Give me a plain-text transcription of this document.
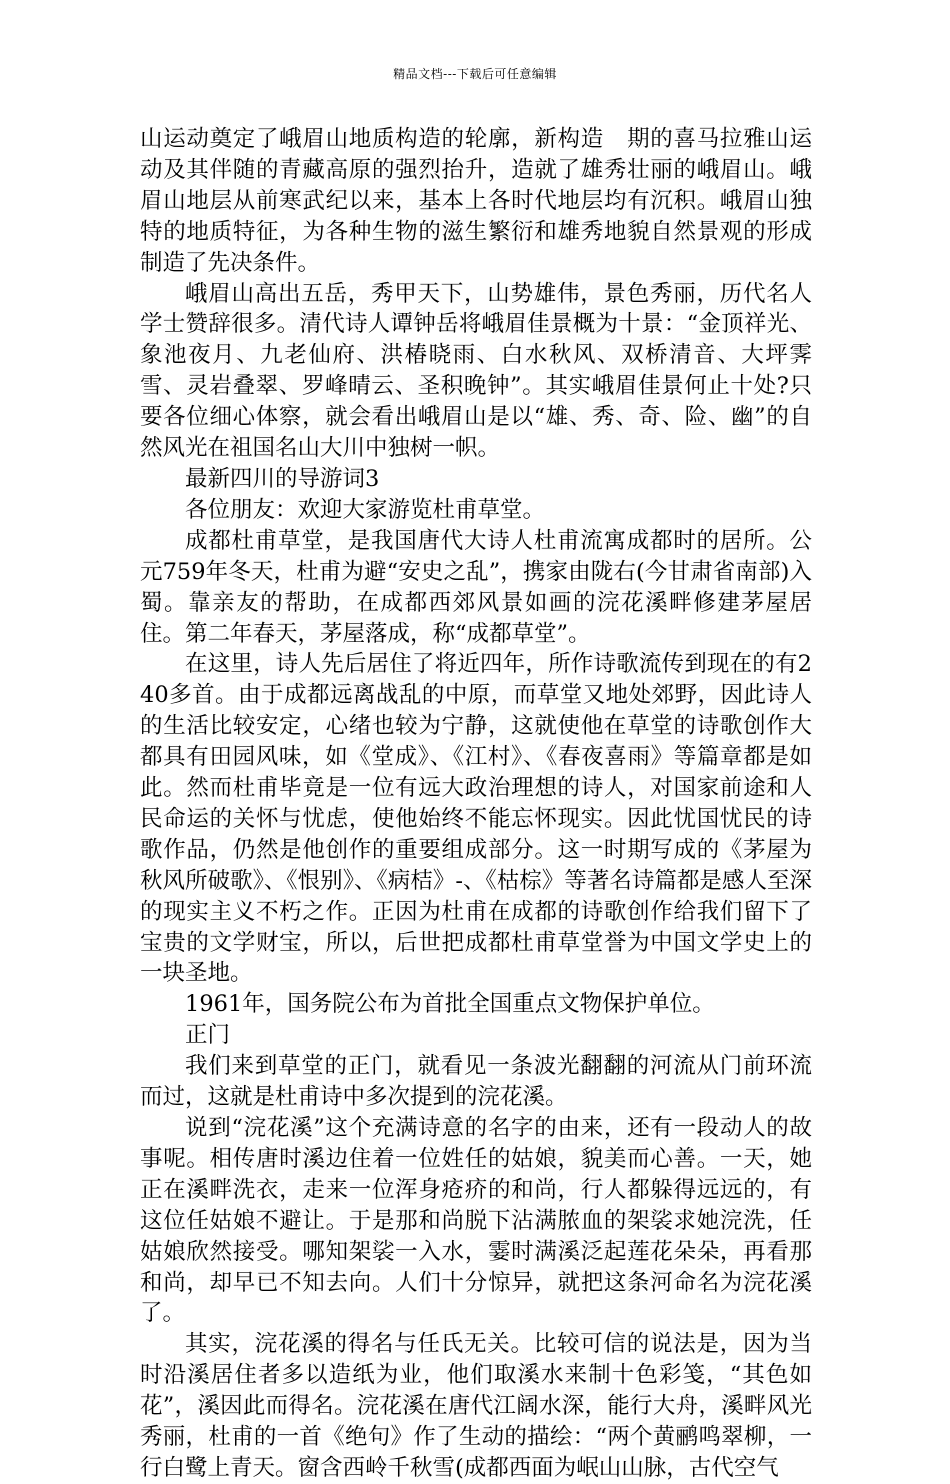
精品文档---下载后可任意编辑

山运动奠定了峨眉山地质构造的轮廓，新构造　期的喜马拉雅山运动及其伴随的青藏高原的强烈抬升，造就了雄秀壮丽的峨眉山。峨眉山地层从前寒武纪以来，基本上各时代地层均有沉积。峨眉山独特的地质特征，为各种生物的滋生繁衍和雄秀地貌自然景观的形成制造了先决条件。

峨眉山高出五岳，秀甲天下，山势雄伟，景色秀丽，历代名人学士赞辞很多。清代诗人谭钟岳将峨眉佳景概为十景：“金顶祥光、象池夜月、九老仙府、洪椿晓雨、白水秋风、双桥清音、大坪霁雪、灵岩叠翠、罗峰晴云、圣积晚钟”。其实峨眉佳景何止十处?只要各位细心体察，就会看出峨眉山是以“雄、秀、奇、险、幽”的自然风光在祖国名山大川中独树一帜。

最新四川的导游词3

各位朋友：欢迎大家游览杜甫草堂。

成都杜甫草堂，是我国唐代大诗人杜甫流寓成都时的居所。公元759年冬天，杜甫为避“安史之乱”，携家由陇右(今甘肃省南部)入蜀。靠亲友的帮助，在成都西郊风景如画的浣花溪畔修建茅屋居住。第二年春天，茅屋落成，称“成都草堂”。

在这里，诗人先后居住了将近四年，所作诗歌流传到现在的有240多首。由于成都远离战乱的中原，而草堂又地处郊野，因此诗人的生活比较安定，心绪也较为宁静，这就使他在草堂的诗歌创作大都具有田园风味，如《堂成》、《江村》、《春夜喜雨》等篇章都是如此。然而杜甫毕竟是一位有远大政治理想的诗人，对国家前途和人民命运的关怀与忧虑，使他始终不能忘怀现实。因此忧国忧民的诗歌作品，仍然是他创作的重要组成部分。这一时期写成的《茅屋为秋风所破歌》、《恨别》、《病桔》-、《枯棕》等著名诗篇都是感人至深的现实主义不朽之作。正因为杜甫在成都的诗歌创作给我们留下了宝贵的文学财宝，所以，后世把成都杜甫草堂誉为中国文学史上的一块圣地。

1961年，国务院公布为首批全国重点文物保护单位。

正门

我们来到草堂的正门，就看见一条波光翻翻的河流从门前环流而过，这就是杜甫诗中多次提到的浣花溪。

说到“浣花溪”这个充满诗意的名字的由来，还有一段动人的故事呢。相传唐时溪边住着一位姓任的姑娘，貌美而心善。一天，她正在溪畔洗衣，走来一位浑身疮疥的和尚，行人都躲得远远的，有这位任姑娘不避让。于是那和尚脱下沾满脓血的架裟求她浣洗，任姑娘欣然接受。哪知架裟一入水，霎时满溪泛起莲花朵朵，再看那和尚，却早已不知去向。人们十分惊异，就把这条河命名为浣花溪了。

其实，浣花溪的得名与任氏无关。比较可信的说法是，因为当时沿溪居住者多以造纸为业，他们取溪水来制十色彩笺，“其色如花”，溪因此而得名。浣花溪在唐代江阔水深，能行大舟，溪畔风光秀丽，杜甫的一首《绝句》作了生动的描绘：“两个黄鹂鸣翠柳，一行白鹭上青天。窗含西岭千秋雪(成都西面为岷山山脉，古代空气
